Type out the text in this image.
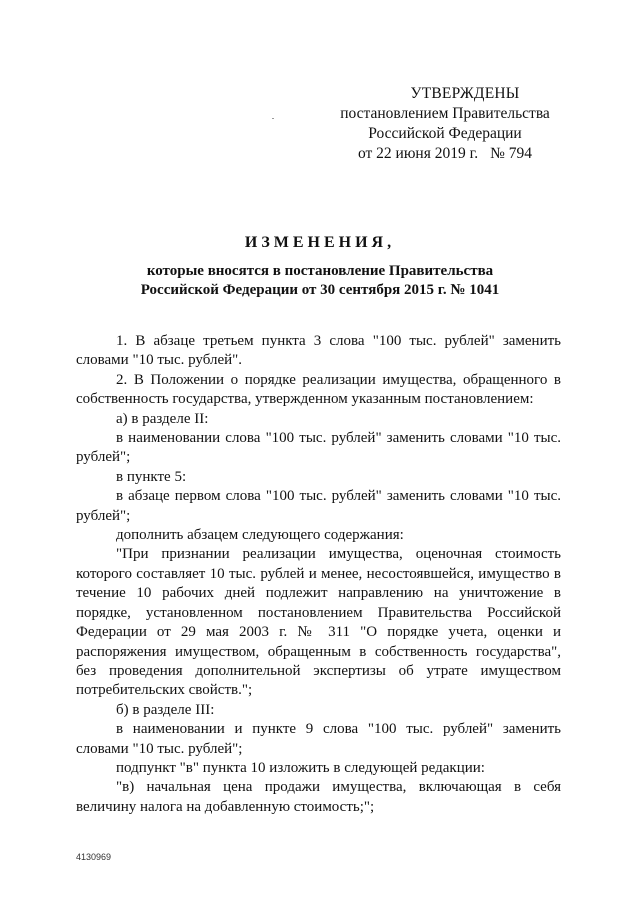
УТВЕРЖДЕНЫ
постановлением Правительства
Российской Федерации
от 22 июня 2019 г. № 794
ИЗМЕНЕНИЯ,
которые вносятся в постановление Правительства
Российской Федерации от 30 сентября 2015 г. № 1041

1. В абзаце третьем пункта 3 слова "100 тыс. рублей" заменить словами "10 тыс. рублей".

2. В Положении о порядке реализации имущества, обращенного в собственность государства, утвержденном указанным постановлением:

а) в разделе II:

в наименовании слова "100 тыс. рублей" заменить словами "10 тыс. рублей";

в пункте 5:

в абзаце первом слова "100 тыс. рублей" заменить словами "10 тыс. рублей";

дополнить абзацем следующего содержания:

"При признании реализации имущества, оценочная стоимость которого составляет 10 тыс. рублей и менее, несостоявшейся, имущество в течение 10 рабочих дней подлежит направлению на уничтожение в порядке, установленном постановлением Правительства Российской Федерации от 29 мая 2003 г. № 311 "О порядке учета, оценки и распоряжения имуществом, обращенным в собственность государства", без проведения дополнительной экспертизы об утрате имуществом потребительских свойств.";

б) в разделе III:

в наименовании и пункте 9 слова "100 тыс. рублей" заменить словами "10 тыс. рублей";

подпункт "в" пункта 10 изложить в следующей редакции:

"в) начальная цена продажи имущества, включающая в себя величину налога на добавленную стоимость;";

4130969
